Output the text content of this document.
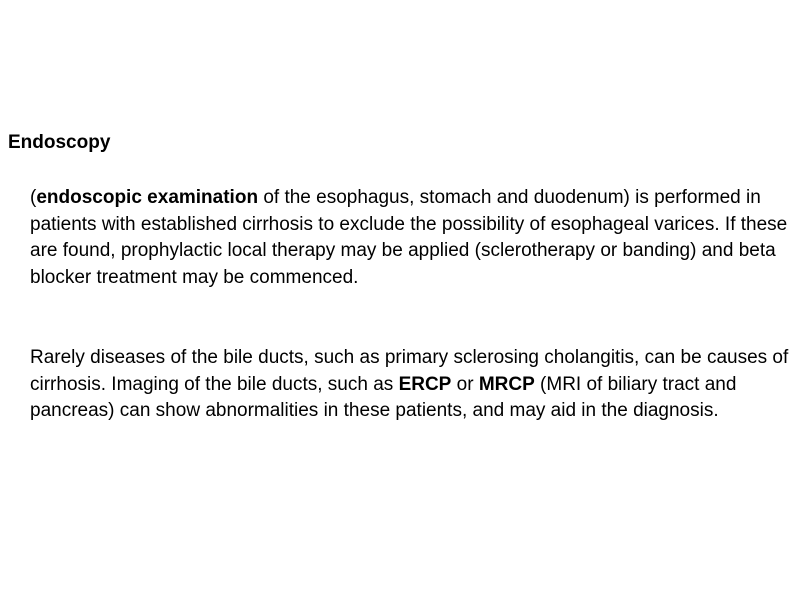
Endoscopy

(endoscopic examination of the esophagus, stomach and duodenum) is performed in patients with established cirrhosis to exclude the possibility of esophageal varices. If these are found, prophylactic local therapy may be applied (sclerotherapy or banding) and beta blocker treatment may be commenced.

Rarely diseases of the bile ducts, such as primary sclerosing cholangitis, can be causes of cirrhosis. Imaging of the bile ducts, such as ERCP or MRCP (MRI of biliary tract and pancreas) can show abnormalities in these patients, and may aid in the diagnosis.
